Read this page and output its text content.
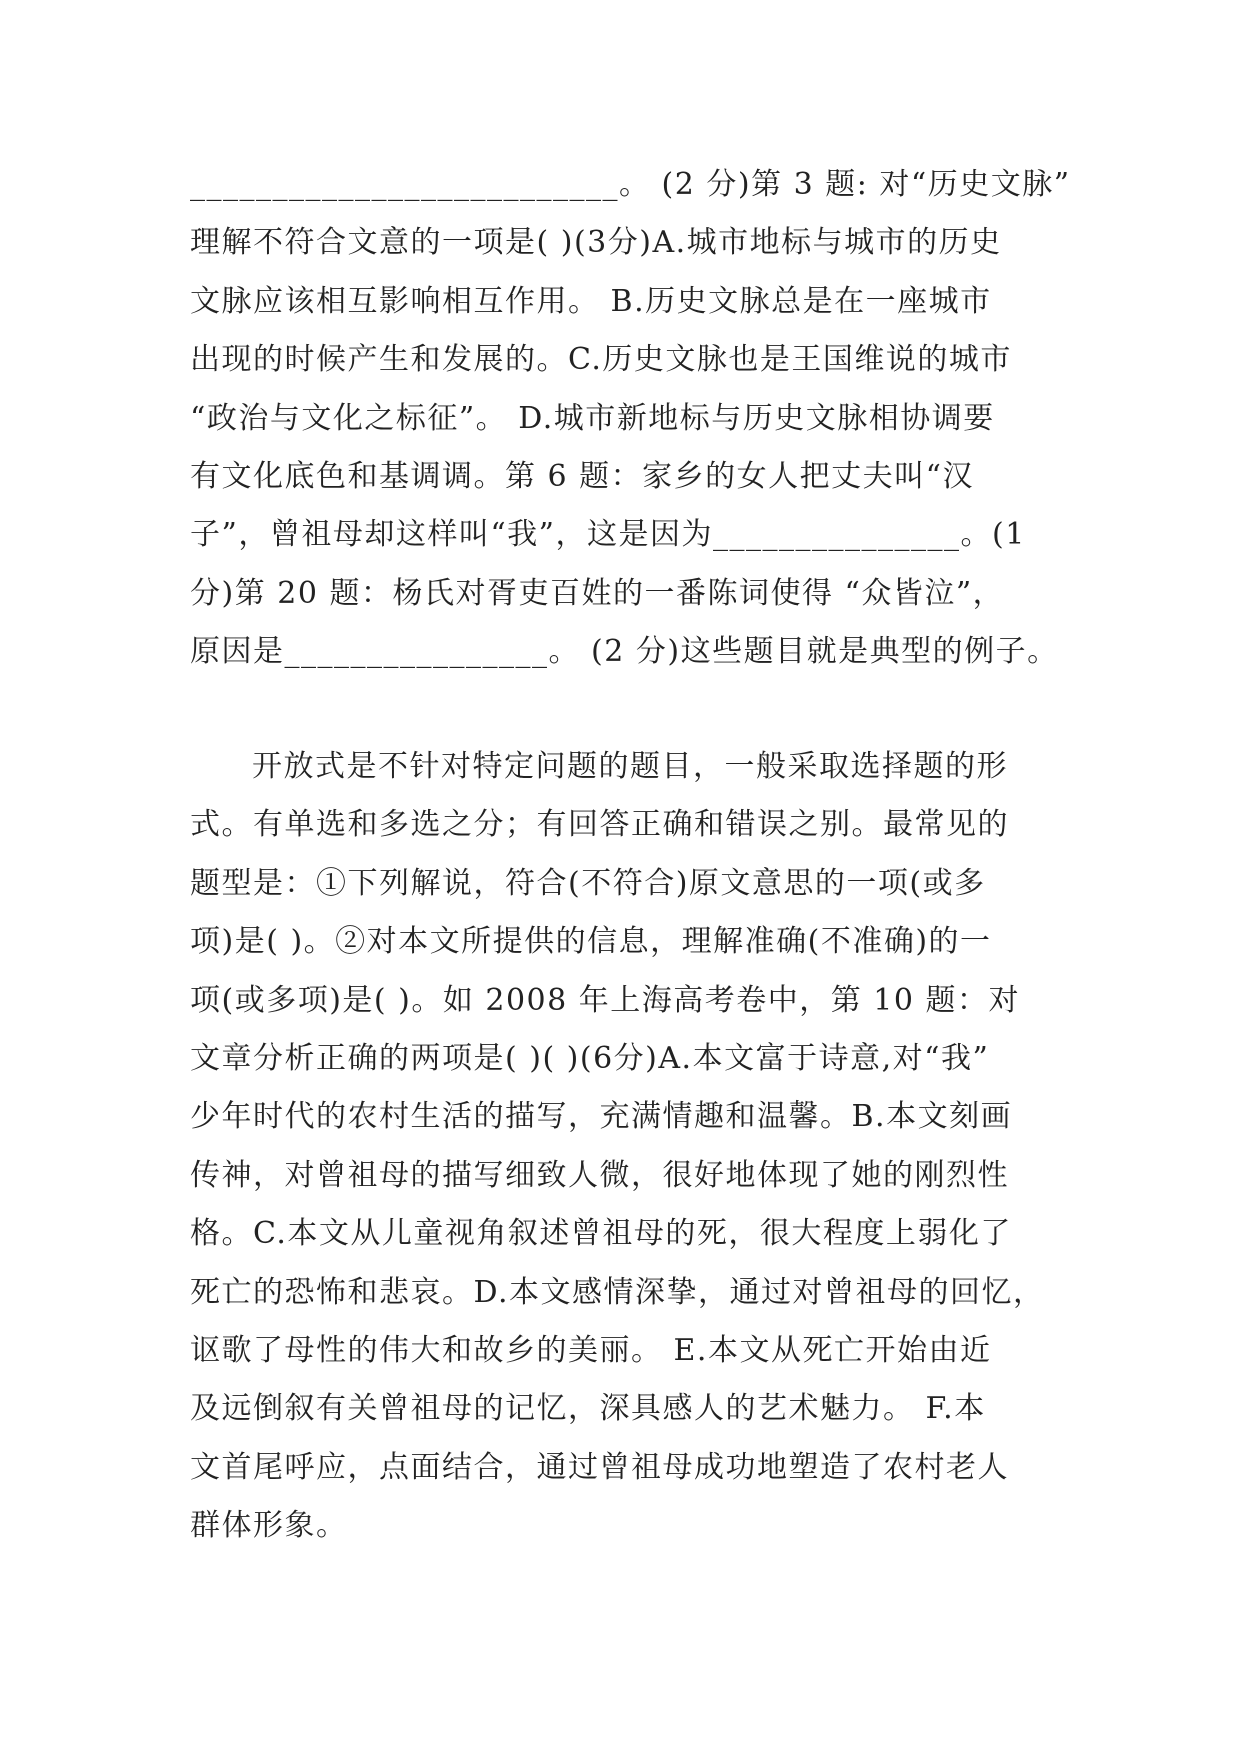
__________________________。 (2 分)第 3 题: 对“历史文脉”
理解不符合文意的一项是( )(3分)A.城市地标与城市的历史
文脉应该相互影响相互作用。 B.历史文脉总是在一座城市
出现的时候产生和发展的。C.历史文脉也是王国维说的城市
“政治与文化之标征”。 D.城市新地标与历史文脉相协调要
有文化底色和基调调。第 6 题：家乡的女人把丈夫叫“汉
子”，曾祖母却这样叫“我”，这是因为_______________。(1
分)第 20 题：杨氏对胥吏百姓的一番陈词使得 “众皆泣”，
原因是________________。 (2 分)这些题目就是典型的例子。
开放式是不针对特定问题的题目，一般采取选择题的形
式。有单选和多选之分；有回答正确和错误之别。最常见的
题型是：①下列解说，符合(不符合)原文意思的一项(或多
项)是( )。②对本文所提供的信息，理解准确(不准确)的一
项(或多项)是( )。如 2008 年上海高考卷中，第 10 题：对
文章分析正确的两项是( )( )(6分)A.本文富于诗意,对“我”
少年时代的农村生活的描写，充满情趣和温馨。B.本文刻画
传神，对曾祖母的描写细致人微，很好地体现了她的刚烈性
格。C.本文从儿童视角叙述曾祖母的死，很大程度上弱化了
死亡的恐怖和悲哀。D.本文感情深挚，通过对曾祖母的回忆，
讴歌了母性的伟大和故乡的美丽。 E.本文从死亡开始由近
及远倒叙有关曾祖母的记忆，深具感人的艺术魅力。 F.本
文首尾呼应，点面结合，通过曾祖母成功地塑造了农村老人
群体形象。
